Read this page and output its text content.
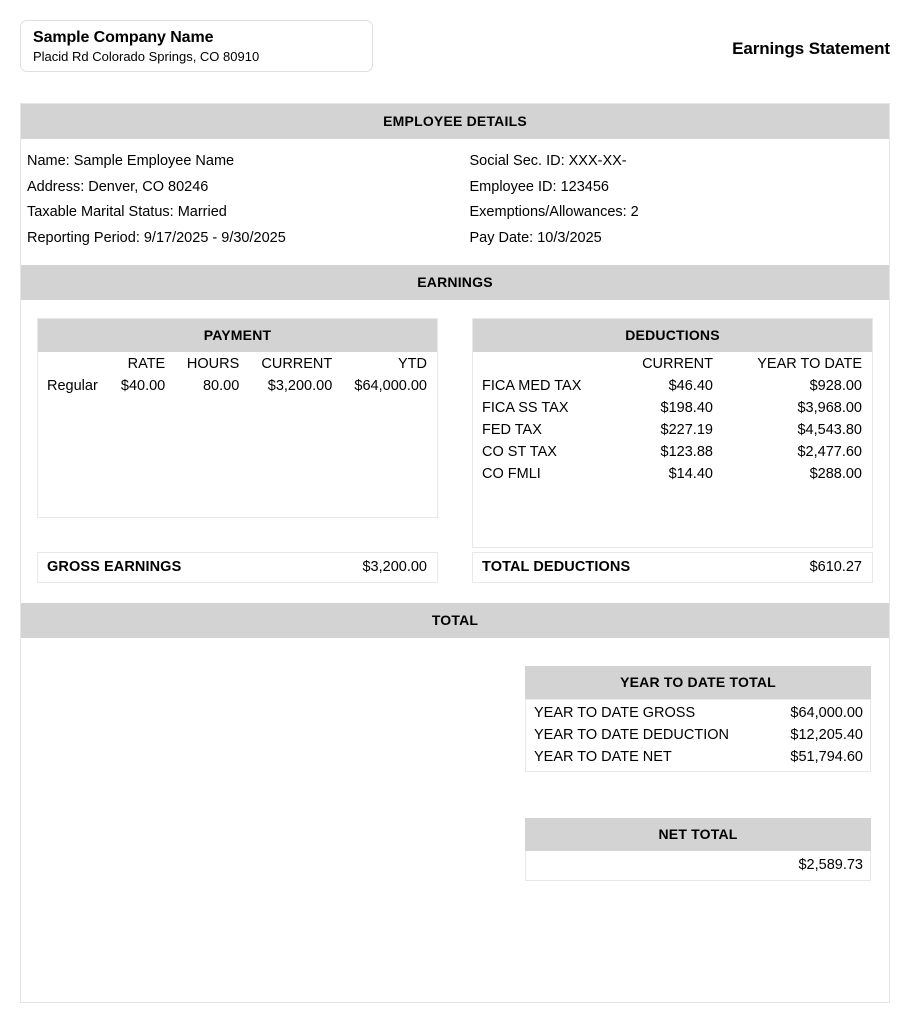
Sample Company Name
Placid Rd Colorado Springs, CO 80910	Earnings Statement
EMPLOYEE DETAILS
Name: Sample Employee Name
Address: Denver, CO 80246
Taxable Marital Status: Married
Reporting Period: 9/17/2025 - 9/30/2025
Social Sec. ID: XXX-XX-
Employee ID: 123456
Exemptions/Allowances: 2
Pay Date: 10/3/2025
EARNINGS
PAYMENT
	RATE	HOURS	CURRENT	YTD
Regular	$40.00	80.00	$3,200.00	$64,000.00
GROSS EARNINGS	$3,200.00
DEDUCTIONS
	CURRENT	YEAR TO DATE
FICA MED TAX	$46.40	$928.00
FICA SS TAX	$198.40	$3,968.00
FED TAX	$227.19	$4,543.80
CO ST TAX	$123.88	$2,477.60
CO FMLI	$14.40	$288.00
TOTAL DEDUCTIONS	$610.27
TOTAL
YEAR TO DATE TOTAL
YEAR TO DATE GROSS	$64,000.00
YEAR TO DATE DEDUCTION	$12,205.40
YEAR TO DATE NET	$51,794.60
NET TOTAL
$2,589.73
